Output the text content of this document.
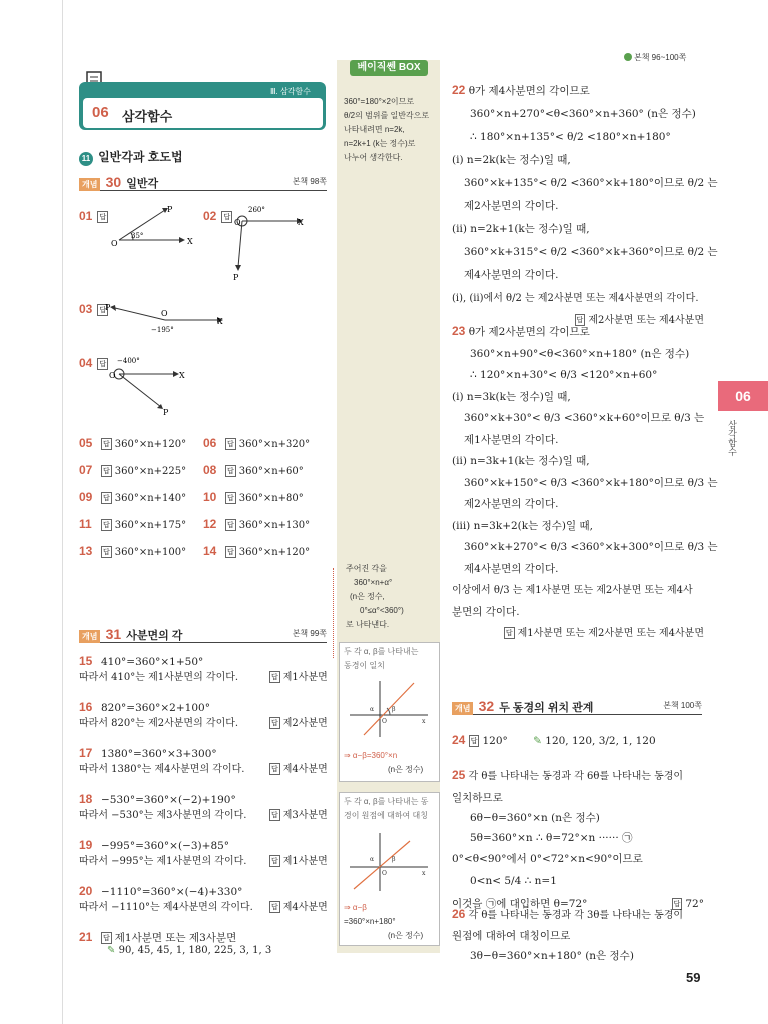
본책 96~100쪽
베이직쎈 BOX
360°=180°×2이므로
θ/2의 범위를 일반각으로
나타내려면 n=2k,
n=2k+1 (k는 정수)로
나누어 생각한다.
주어진 각을
360°×n+α°
(n은 정수,
0°≤α°<360°)
로 나타낸다.
두 각 α, β를 나타내는
동경이 일치
β
α
O	x
⇒ α−β=360°×n
(n은 정수)
두 각 α, β를 나타내는 동
경이 원점에 대하여 대칭
β
α
O	x
⇒ α−β
=360°×n+180°
(n은 정수)
Ⅲ. 삼각함수
06 삼각함수
11 일반각과 호도법
개념 30 일반각	본책 98쪽
01 답
O	X
P
35°
02 답
O	X
P
260°
03 답
P
O
X
−195°
04 답
O	X
P
−400°
05 답 360°×n+120° 06 답 360°×n+320°
07 답 360°×n+225° 08 답 360°×n+60°
09 답 360°×n+140° 10 답 360°×n+80°
11 답 360°×n+175° 12 답 360°×n+130°
13 답 360°×n+100° 14 답 360°×n+120°
개념 31 사분면의 각	본책 99쪽
15 410°=360°×1+50°
따라서 410°는 제1사분면의 각이다.	답 제1사분면
16 820°=360°×2+100°
따라서 820°는 제2사분면의 각이다.	답 제2사분면
17 1380°=360°×3+300°
따라서 1380°는 제4사분면의 각이다.	답 제4사분면
18 −530°=360°×(−2)+190°
따라서 −530°는 제3사분면의 각이다.	답 제3사분면
19 −995°=360°×(−3)+85°
따라서 −995°는 제1사분면의 각이다.	답 제1사분면
20 −1110°=360°×(−4)+330°
따라서 −1110°는 제4사분면의 각이다.	답 제4사분면
21 답 제1사분면 또는 제3사분면
✎ 90, 45, 45, 1, 180, 225, 3, 1, 3
22 θ가 제4사분면의 각이므로
360°×n+270°<θ<360°×n+360° (n은 정수)
∴ 180°×n+135°< θ/2 <180°×n+180°
(ⅰ) n=2k(k는 정수)일 때,
360°×k+135°< θ/2 <360°×k+180°이므로 θ/2 는
제2사분면의 각이다.
(ⅱ) n=2k+1(k는 정수)일 때,
360°×k+315°< θ/2 <360°×k+360°이므로 θ/2 는
제4사분면의 각이다.
(ⅰ), (ⅱ)에서 θ/2 는 제2사분면 또는 제4사분면의 각이다.
답 제2사분면 또는 제4사분면
23 θ가 제2사분면의 각이므로
360°×n+90°<θ<360°×n+180° (n은 정수)
∴ 120°×n+30°< θ/3 <120°×n+60°
(ⅰ) n=3k(k는 정수)일 때,
360°×k+30°< θ/3 <360°×k+60°이므로 θ/3 는
제1사분면의 각이다.
(ⅱ) n=3k+1(k는 정수)일 때,
360°×k+150°< θ/3 <360°×k+180°이므로 θ/3 는
제2사분면의 각이다.
(ⅲ) n=3k+2(k는 정수)일 때,
360°×k+270°< θ/3 <360°×k+300°이므로 θ/3 는
제4사분면의 각이다.
이상에서 θ/3 는 제1사분면 또는 제2사분면 또는 제4사
분면의 각이다.
답 제1사분면 또는 제2사분면 또는 제4사분면
개념 32 두 동경의 위치 관계	본책 100쪽
24 답 120° ✎ 120, 120, 3/2, 1, 120
25 각 θ를 나타내는 동경과 각 6θ를 나타내는 동경이
일치하므로
6θ−θ=360°×n (n은 정수)
5θ=360°×n ∴ θ=72°×n ······ ㉠
0°<θ<90°에서 0°<72°×n<90°이므로
0<n< 5/4 ∴ n=1
이것을 ㉠에 대입하면 θ=72°	답 72°
26 각 θ를 나타내는 동경과 각 3θ를 나타내는 동경이
원점에 대하여 대칭이므로
3θ−θ=360°×n+180° (n은 정수)
06
삼각함수
59
